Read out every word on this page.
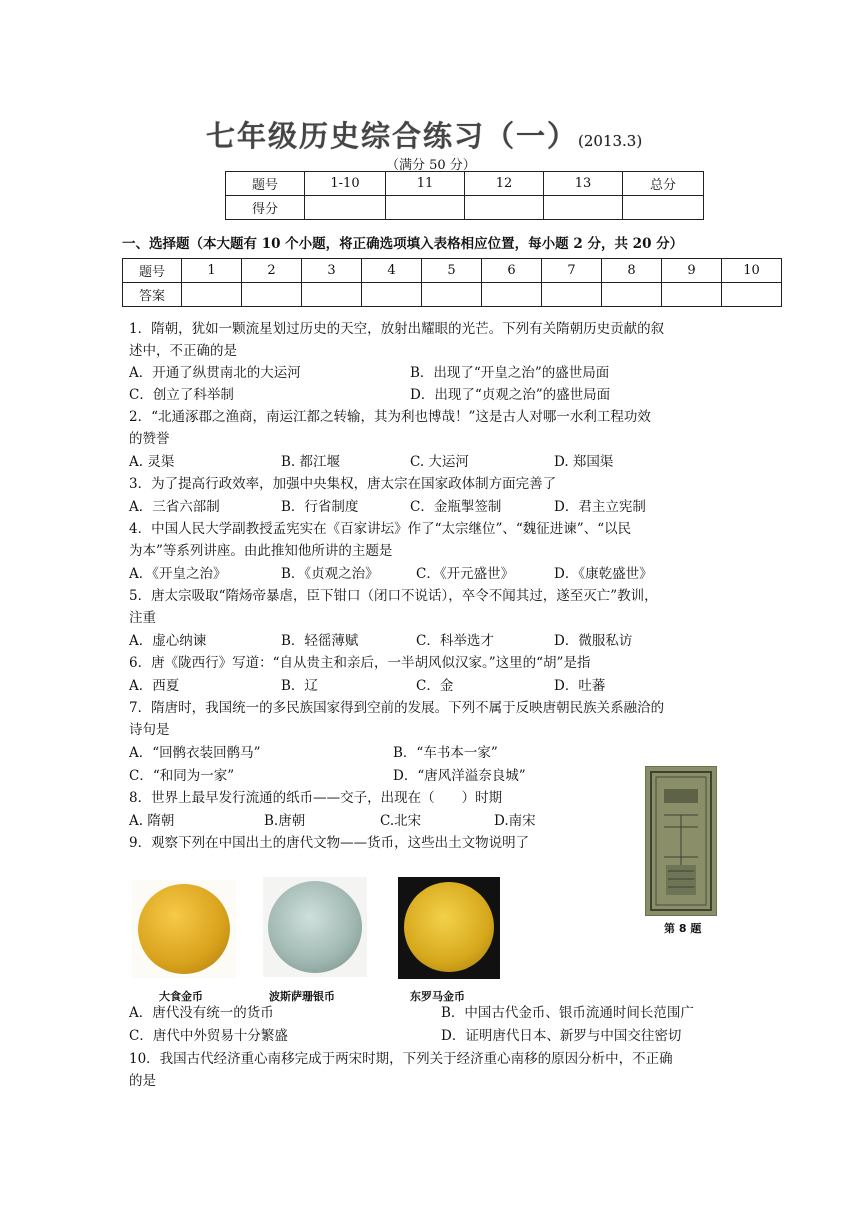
七年级历史综合练习（一）(2013.3)
（满分 50 分）
题号	1-10	11	12	13	总分
得分					
一、选择题（本大题有 10 个小题，将正确选项填入表格相应位置，每小题 2 分，共 20 分）
题号	1	2	3	4	5	6	7	8	9	10
答案										
1．隋朝，犹如一颗流星划过历史的天空，放射出耀眼的光芒。下列有关隋朝历史贡献的叙
述中，不正确的是
A．开通了纵贯南北的大运河	B．出现了“开皇之治”的盛世局面
C．创立了科举制	D．出现了“贞观之治”的盛世局面
2．“北通涿郡之渔商，南运江都之转输，其为利也博哉！”这是古人对哪一水利工程功效
的赞誉
A. 灵渠	B. 都江堰	C. 大运河	D. 郑国渠
3．为了提高行政效率，加强中央集权，唐太宗在国家政体制方面完善了
A．三省六部制	B．行省制度	C．金瓶掣签制	D．君主立宪制
4．中国人民大学副教授孟宪实在《百家讲坛》作了“太宗继位”、“魏征进谏”、“以民
为本”等系列讲座。由此推知他所讲的主题是
A．《开皇之治》	B．《贞观之治》	C．《开元盛世》	D．《康乾盛世》
5．唐太宗吸取“隋炀帝暴虐，臣下钳口（闭口不说话），卒令不闻其过，遂至灭亡”教训，
注重
A．虚心纳谏	B．轻徭薄赋	C．科举选才	D．微服私访
6．唐《陇西行》写道：“自从贵主和亲后，一半胡风似汉家。”这里的“胡”是指
A．西夏	B．辽	C．金	D．吐蕃
7．隋唐时，我国统一的多民族国家得到空前的发展。下列不属于反映唐朝民族关系融洽的
诗句是
A．“回鹘衣装回鹘马”	B．“车书本一家”
C．“和同为一家”	D．“唐风洋溢奈良城”
8．世界上最早发行流通的纸币——交子，出现在（　　）时期
A. 隋朝	B.唐朝	C.北宋	D.南宋
9．观察下列在中国出土的唐代文物——货币，这些出土文物说明了
第 8 题
大食金币	波斯萨珊银币	东罗马金币
A．唐代没有统一的货币	B．中国古代金币、银币流通时间长范围广
C．唐代中外贸易十分繁盛	D．证明唐代日本、新罗与中国交往密切
10．我国古代经济重心南移完成于两宋时期，下列关于经济重心南移的原因分析中，不正确
的是
